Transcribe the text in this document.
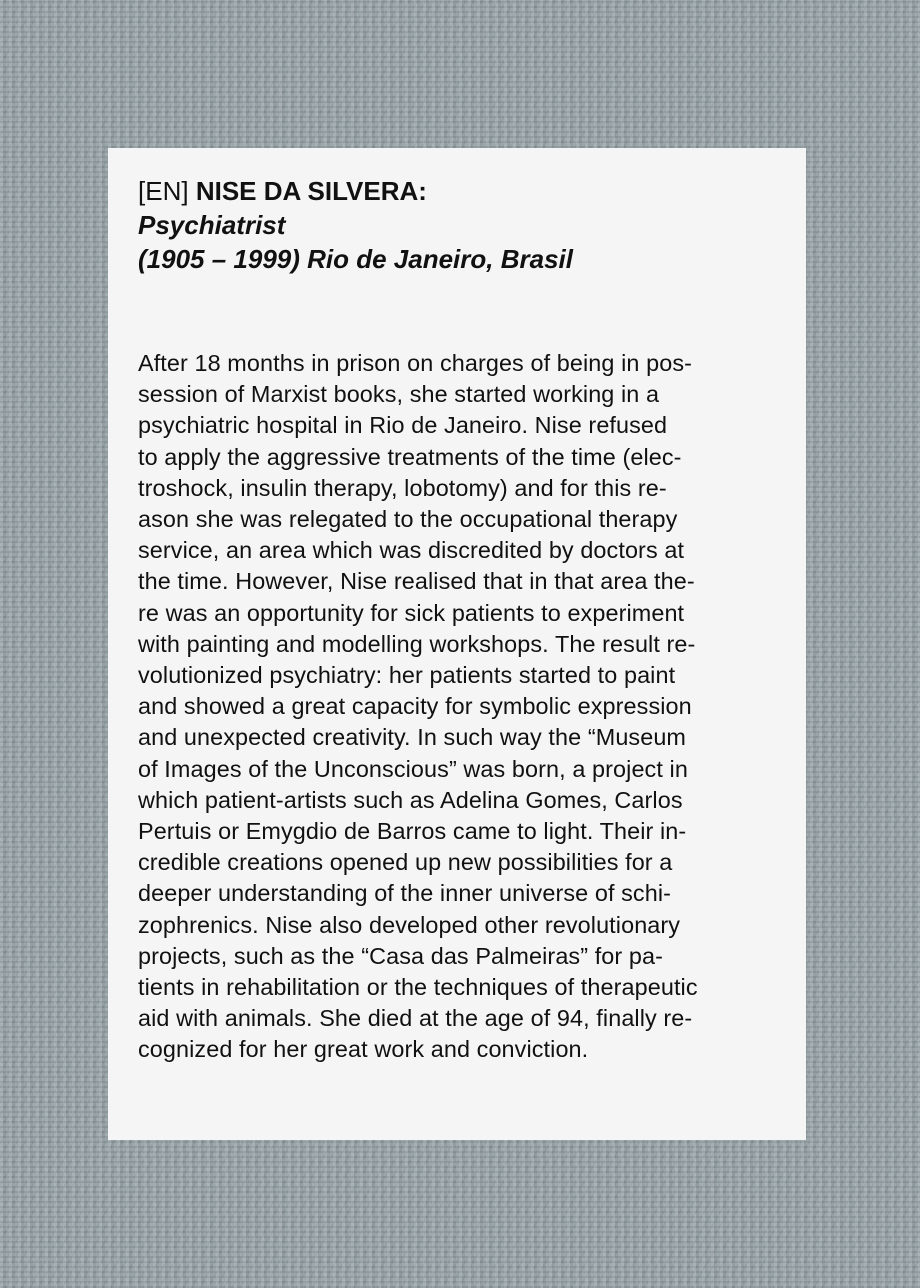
[EN] NISE DA SILVERA:
Psychiatrist
(1905 – 1999) Rio de Janeiro, Brasil
After 18 months in prison on charges of being in pos-
session of Marxist books, she started working in a
psychiatric hospital in Rio de Janeiro. Nise refused
to apply the aggressive treatments of the time (elec-
troshock, insulin therapy, lobotomy) and for this re-
ason she was relegated to the occupational therapy
service, an area which was discredited by doctors at
the time. However, Nise realised that in that area the-
re was an opportunity for sick patients to experiment
with painting and modelling workshops. The result re-
volutionized psychiatry: her patients started to paint
and showed a great capacity for symbolic expression
and unexpected creativity. In such way the “Museum
of Images of the Unconscious” was born, a project in
which patient-artists such as Adelina Gomes, Carlos
Pertuis or Emygdio de Barros came to light. Their in-
credible creations opened up new possibilities for a
deeper understanding of the inner universe of schi-
zophrenics. Nise also developed other revolutionary
projects, such as the “Casa das Palmeiras” for pa-
tients in rehabilitation or the techniques of therapeutic
aid with animals. She died at the age of 94, finally re-
cognized for her great work and conviction.
